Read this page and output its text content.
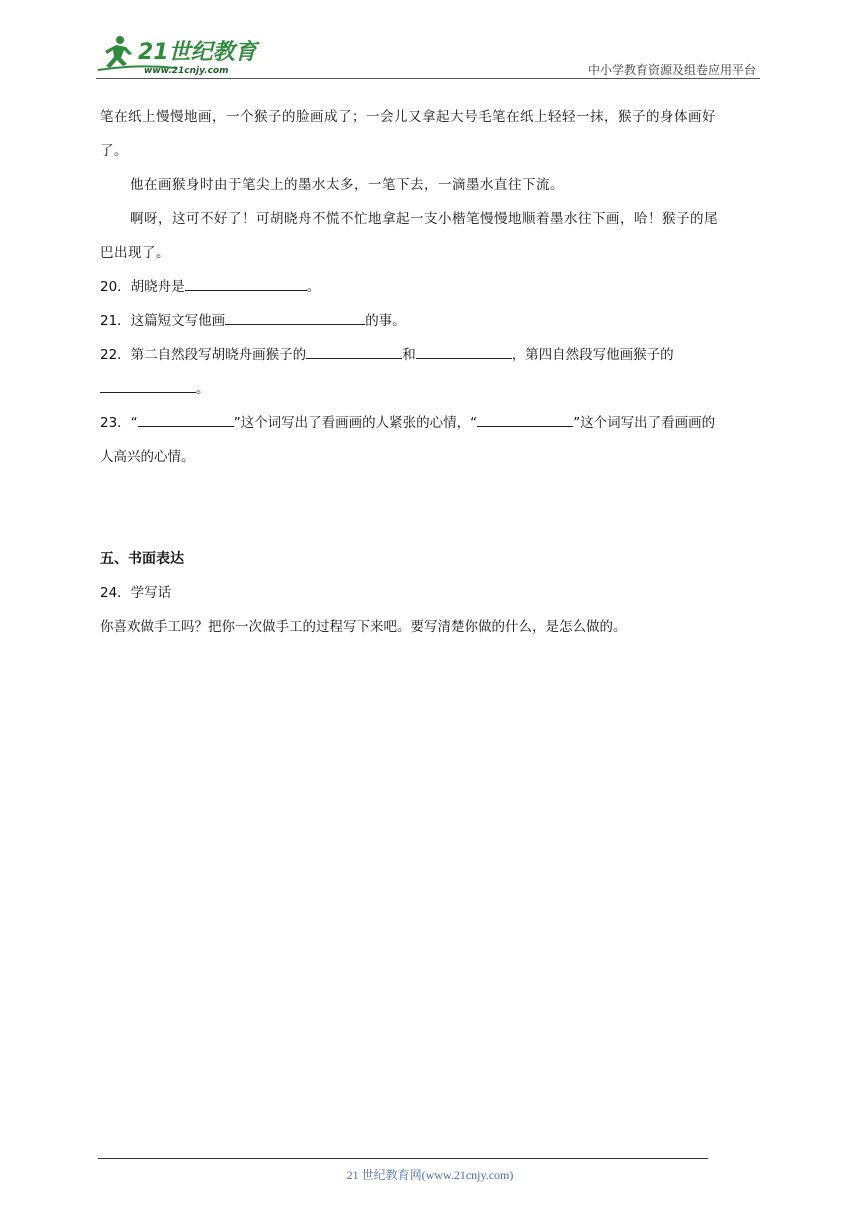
21世纪教育
www.21cnjy.com	中小学教育资源及组卷应用平台

笔在纸上慢慢地画，一个猴子的脸画成了；一会儿又拿起大号毛笔在纸上轻轻一抹，猴子的身体画好

了。

他在画猴身时由于笔尖上的墨水太多，一笔下去，一滴墨水直往下流。

啊呀，这可不好了！可胡晓舟不慌不忙地拿起一支小楷笔慢慢地顺着墨水往下画，哈！猴子的尾

巴出现了。

20．胡晓舟是	。

21．这篇短文写他画	的事。

22．第二自然段写胡晓舟画猴子的	和	，第四自然段写他画猴子的

。

23．“	”这个词写出了看画画的人紧张的心情，“	”这个词写出了看画画的

人高兴的心情。

五、书面表达

24．学写话

你喜欢做手工吗？把你一次做手工的过程写下来吧。要写清楚你做的什么，是怎么做的。

21 世纪教育网(www.21cnjy.com)
